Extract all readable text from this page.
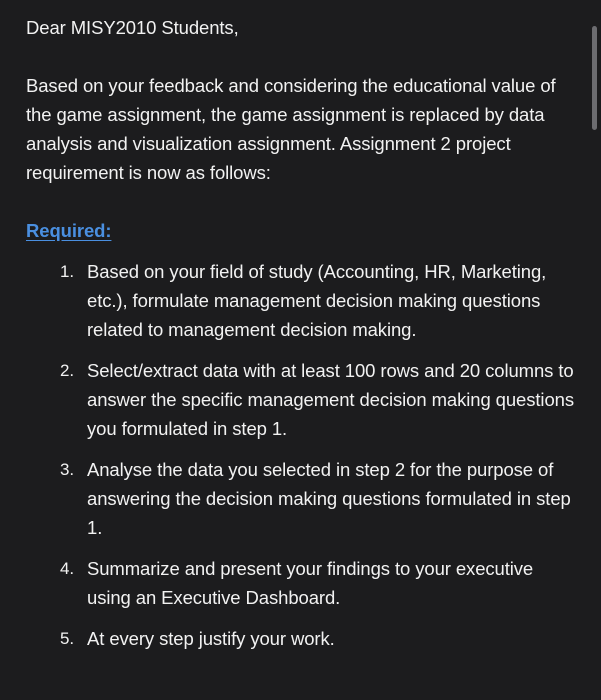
Dear MISY2010 Students,

Based on your feedback and considering the educational value of the game assignment, the game assignment is replaced by data analysis and visualization assignment. Assignment 2 project requirement is now as follows:

Required:
1. Based on your field of study (Accounting, HR, Marketing, etc.), formulate management decision making questions related to management decision making.
2. Select/extract data with at least 100 rows and 20 columns to answer the specific management decision making questions you formulated in step 1.
3. Analyse the data you selected in step 2 for the purpose of answering the decision making questions formulated in step 1.
4. Summarize and present your findings to your executive using an Executive Dashboard.
5. At every step justify your work.
